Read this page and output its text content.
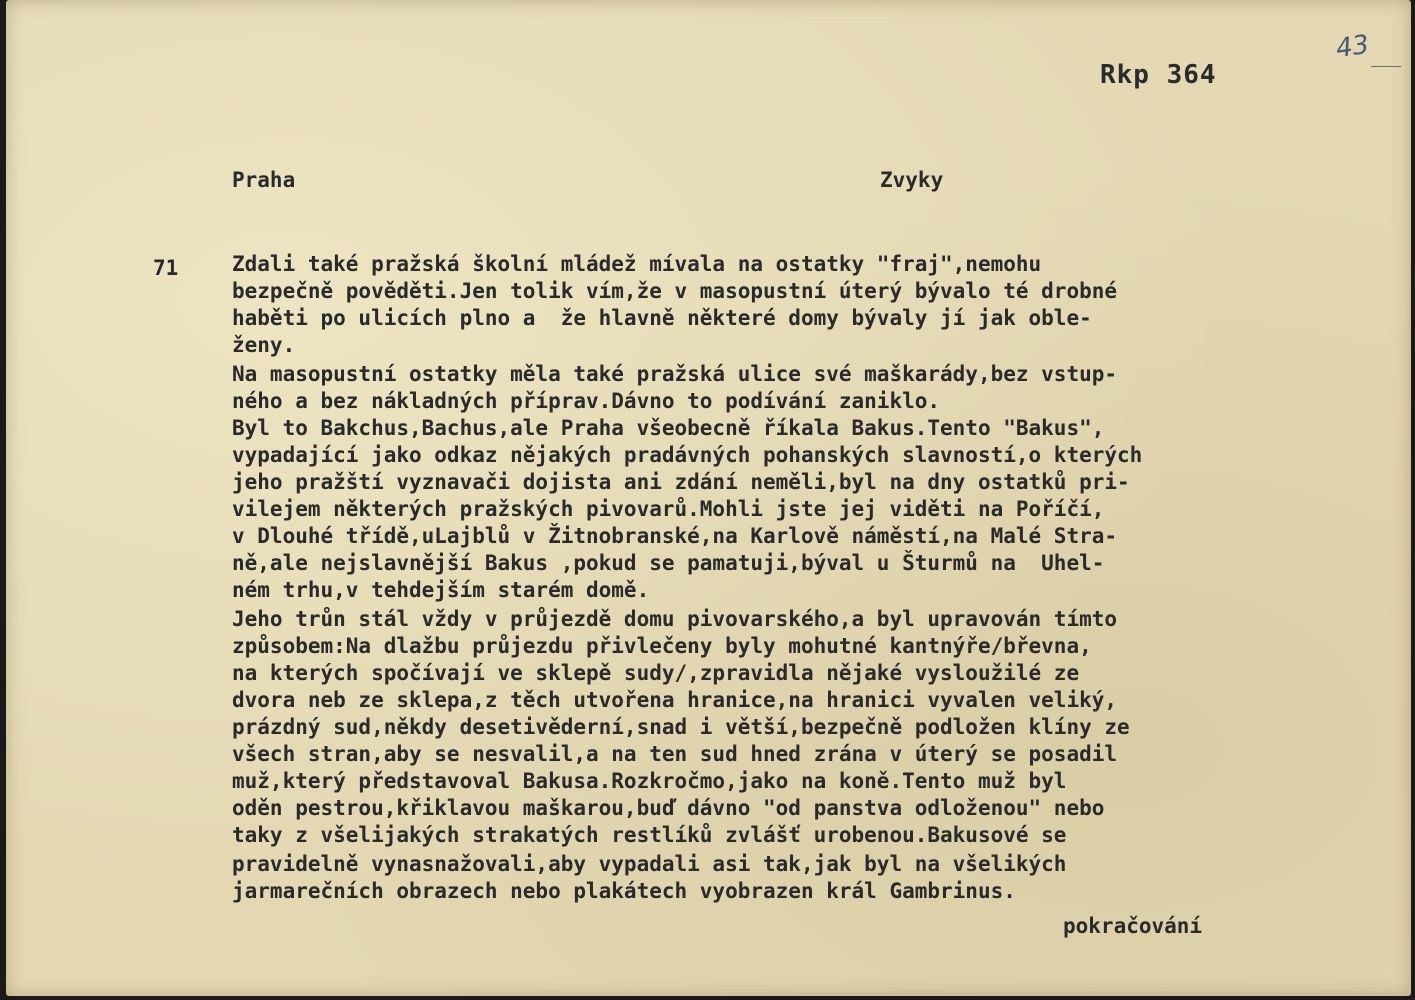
Rkp 364
43
Praha	Zvyky
71	Zdali také pražská školní mládež mívala na ostatky "fraj",nemohu
bezpečně pověděti.Jen tolik vím,že v masopustní úterý bývalo té drobné
haběti po ulicích plno a  že hlavně některé domy bývaly jí jak oble-
ženy.
Na masopustní ostatky měla také pražská ulice své maškarády,bez vstup-
ného a bez nákladných příprav.Dávno to podívání zaniklo.
Byl to Bakchus,Bachus,ale Praha všeobecně říkala Bakus.Tento "Bakus",
vypadající jako odkaz nějakých pradávných pohanských slavností,o kterých
jeho pražští vyznavači dojista ani zdání neměli,byl na dny ostatků pri-
vilejem některých pražských pivovarů.Mohli jste jej viděti na Poříčí,
v Dlouhé třídě,uLajblů v Žitnobranské,na Karlově náměstí,na Malé Stra-
ně,ale nejslavnější Bakus ,pokud se pamatuji,býval u Šturmů na  Uhel-
ném trhu,v tehdejším starém domě.
Jeho trůn stál vždy v průjezdě domu pivovarského,a byl upravován tímto
způsobem:Na dlažbu průjezdu přivlečeny byly mohutné kantnýře/břevna,
na kterých spočívají ve sklepě sudy/,zpravidla nějaké vysloužilé ze
dvora neb ze sklepa,z těch utvořena hranice,na hranici vyvalen veliký,
prázdný sud,někdy desetivěderní,snad i větší,bezpečně podložen klíny ze
všech stran,aby se nesvalil,a na ten sud hned zrána v úterý se posadil
muž,který představoval Bakusa.Rozkročmo,jako na koně.Tento muž byl
oděn pestrou,křiklavou maškarou,buď dávno "od panstva odloženou" nebo
taky z všelijakých strakatých restlíků zvlášť urobenou.Bakusové se
pravidelně vynasnažovali,aby vypadali asi tak,jak byl na všelikých
jarmarečních obrazech nebo plakátech vyobrazen král Gambrinus.
pokračování
